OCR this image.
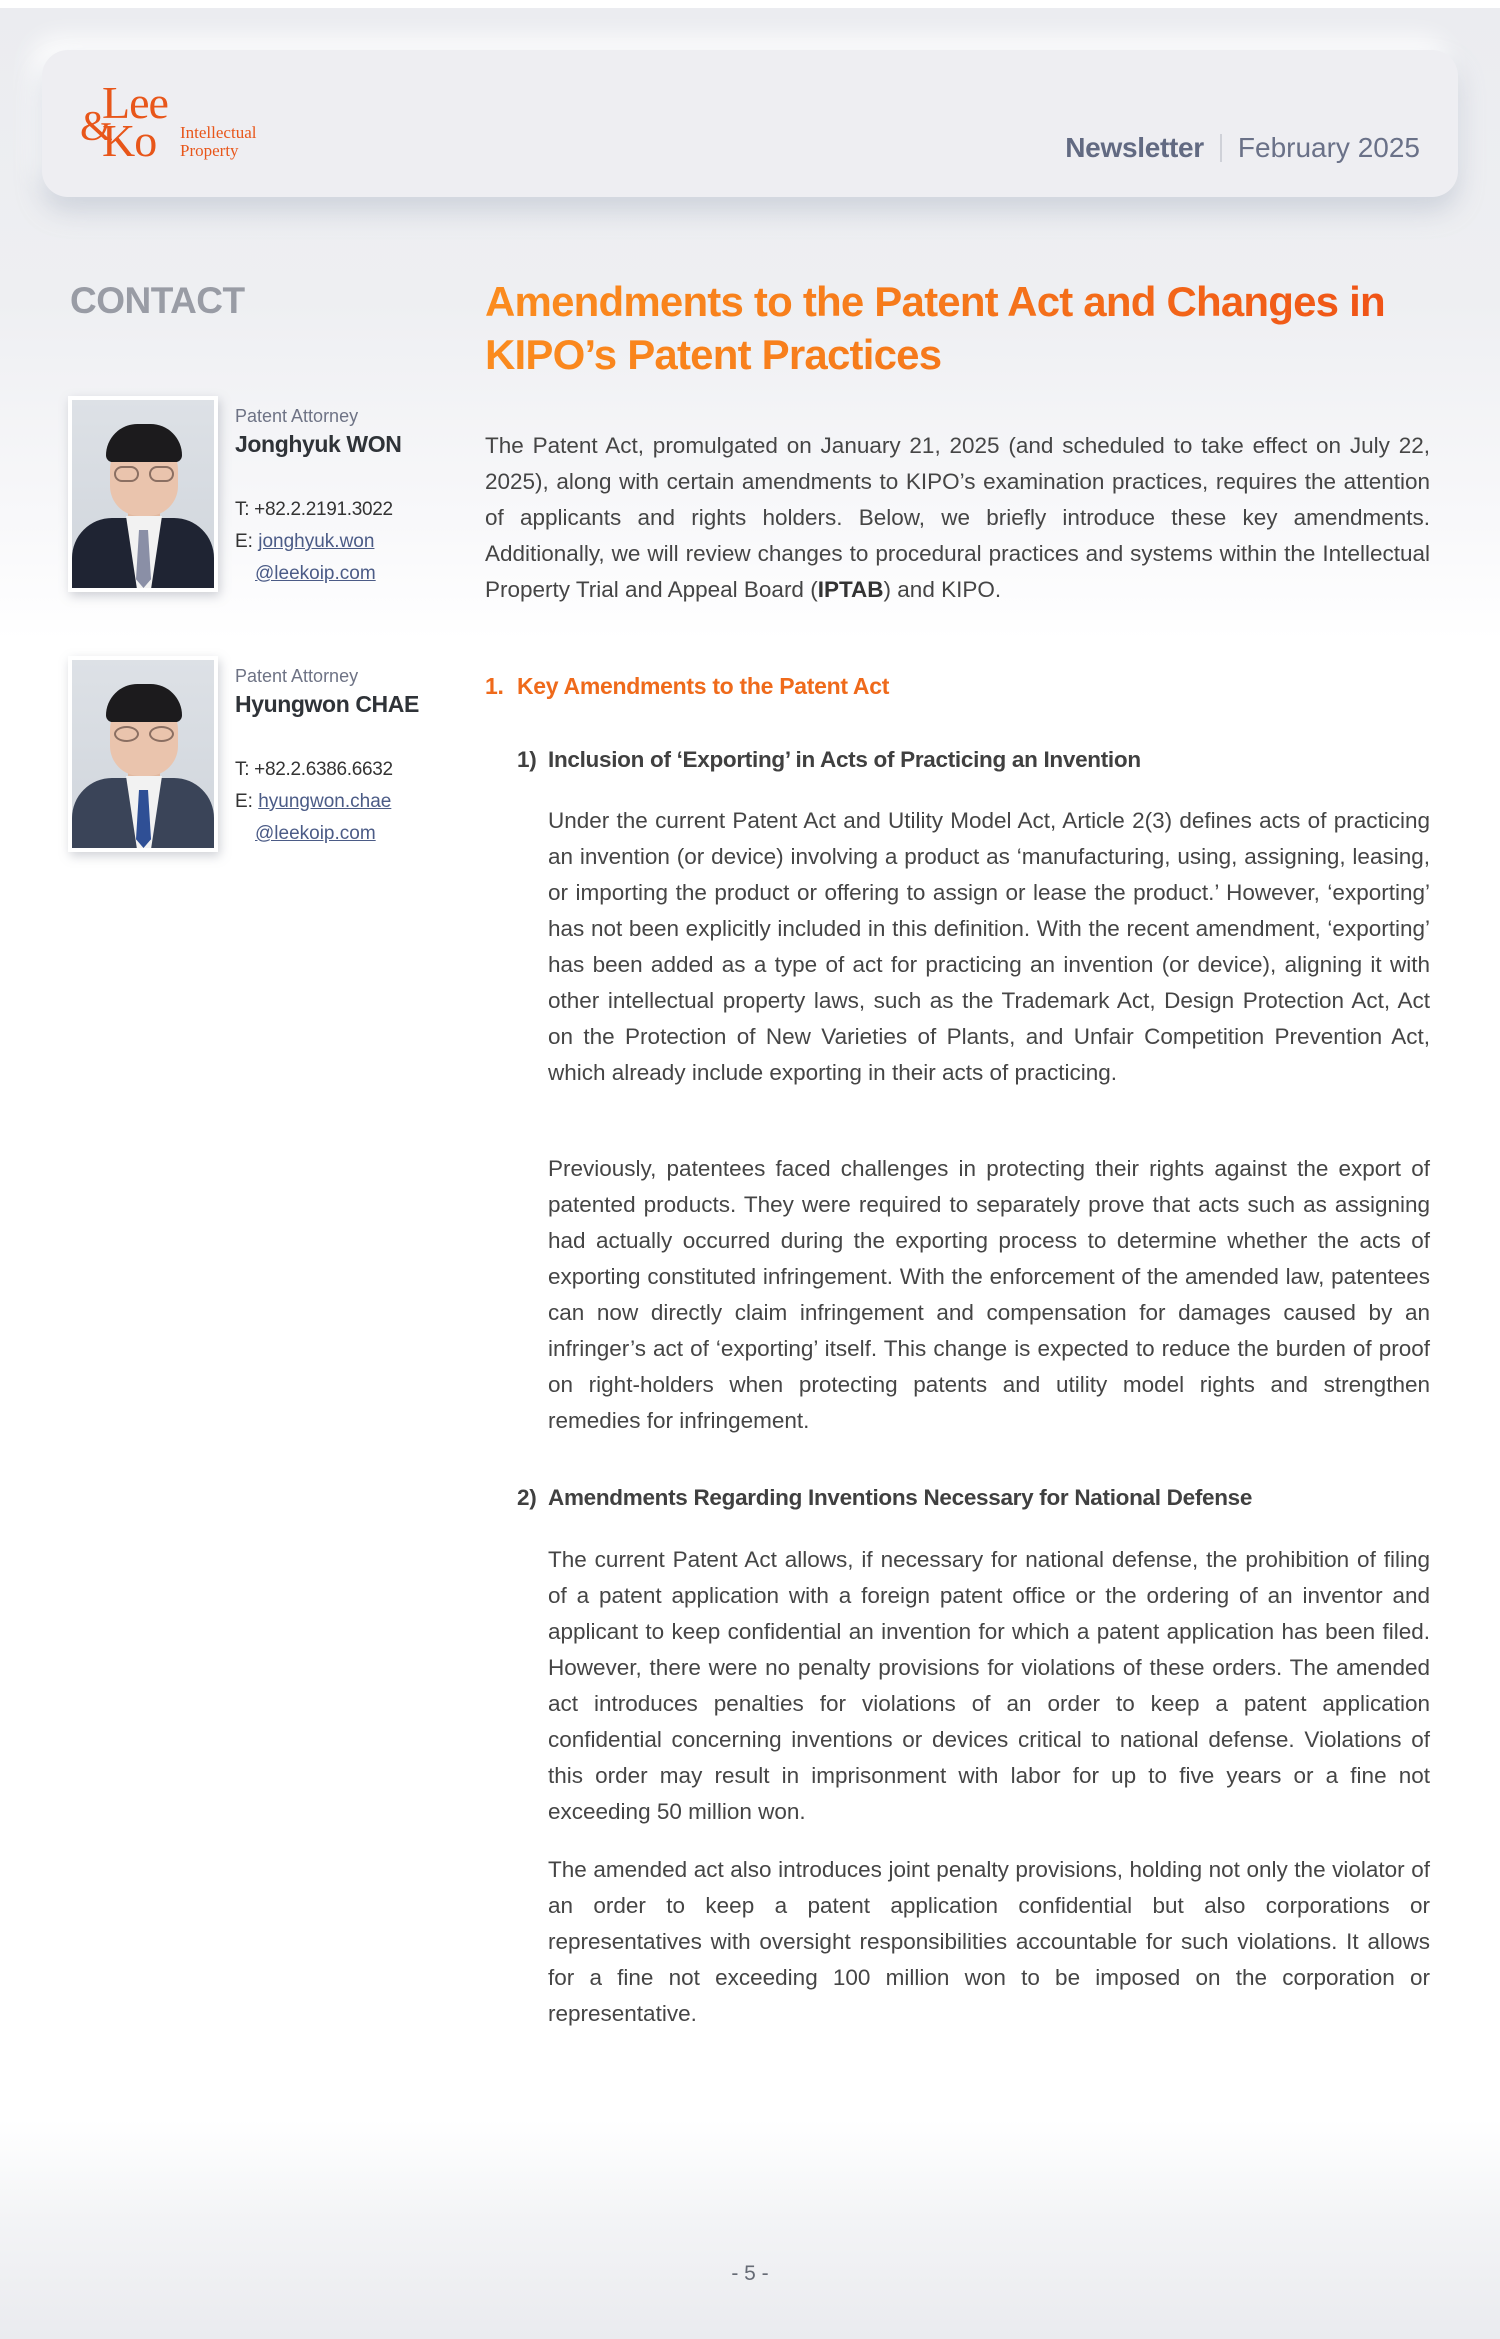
Lee
&
Ko Intellectual
Property	Newsletter February 2025
CONTACT
Patent Attorney
Jonghyuk WON
T: +82.2.2191.3022
E: jonghyuk.won
@leekoip.com
Patent Attorney
Hyungwon CHAE
T: +82.2.6386.6632
E: hyungwon.chae
@leekoip.com
Amendments to the Patent Act and Changes in KIPO’s Patent Practices

The Patent Act, promulgated on January 21, 2025 (and scheduled to take effect on July 22, 2025), along with certain amendments to KIPO’s examination practices, requires the attention of applicants and rights holders. Below, we briefly introduce these key amendments. Additionally, we will review changes to procedural practices and systems within the Intellectual Property Trial and Appeal Board (IPTAB) and KIPO.

1. Key Amendments to the Patent Act
1) Inclusion of ‘Exporting’ in Acts of Practicing an Invention

Under the current Patent Act and Utility Model Act, Article 2(3) defines acts of practicing an invention (or device) involving a product as ‘manufacturing, using, assigning, leasing, or importing the product or offering to assign or lease the product.’ However, ‘exporting’ has not been explicitly included in this definition. With the recent amendment, ‘exporting’ has been added as a type of act for practicing an invention (or device), aligning it with other intellectual property laws, such as the Trademark Act, Design Protection Act, Act on the Protection of New Varieties of Plants, and Unfair Competition Prevention Act, which already include exporting in their acts of practicing.

Previously, patentees faced challenges in protecting their rights against the export of patented products. They were required to separately prove that acts such as assigning had actually occurred during the exporting process to determine whether the acts of exporting constituted infringement. With the enforcement of the amended law, patentees can now directly claim infringement and compensation for damages caused by an infringer’s act of ‘exporting’ itself. This change is expected to reduce the burden of proof on right-holders when protecting patents and utility model rights and strengthen remedies for infringement.

2) Amendments Regarding Inventions Necessary for National Defense

The current Patent Act allows, if necessary for national defense, the prohibition of filing of a patent application with a foreign patent office or the ordering of an inventor and applicant to keep confidential an invention for which a patent application has been filed. However, there were no penalty provisions for violations of these orders. The amended act introduces penalties for violations of an order to keep a patent application confidential concerning inventions or devices critical to national defense. Violations of this order may result in imprisonment with labor for up to five years or a fine not exceeding 50 million won.

The amended act also introduces joint penalty provisions, holding not only the violator of an order to keep a patent application confidential but also corporations or representatives with oversight responsibilities accountable for such violations. It allows for a fine not exceeding 100 million won to be imposed on the corporation or representative.

- 5 -
